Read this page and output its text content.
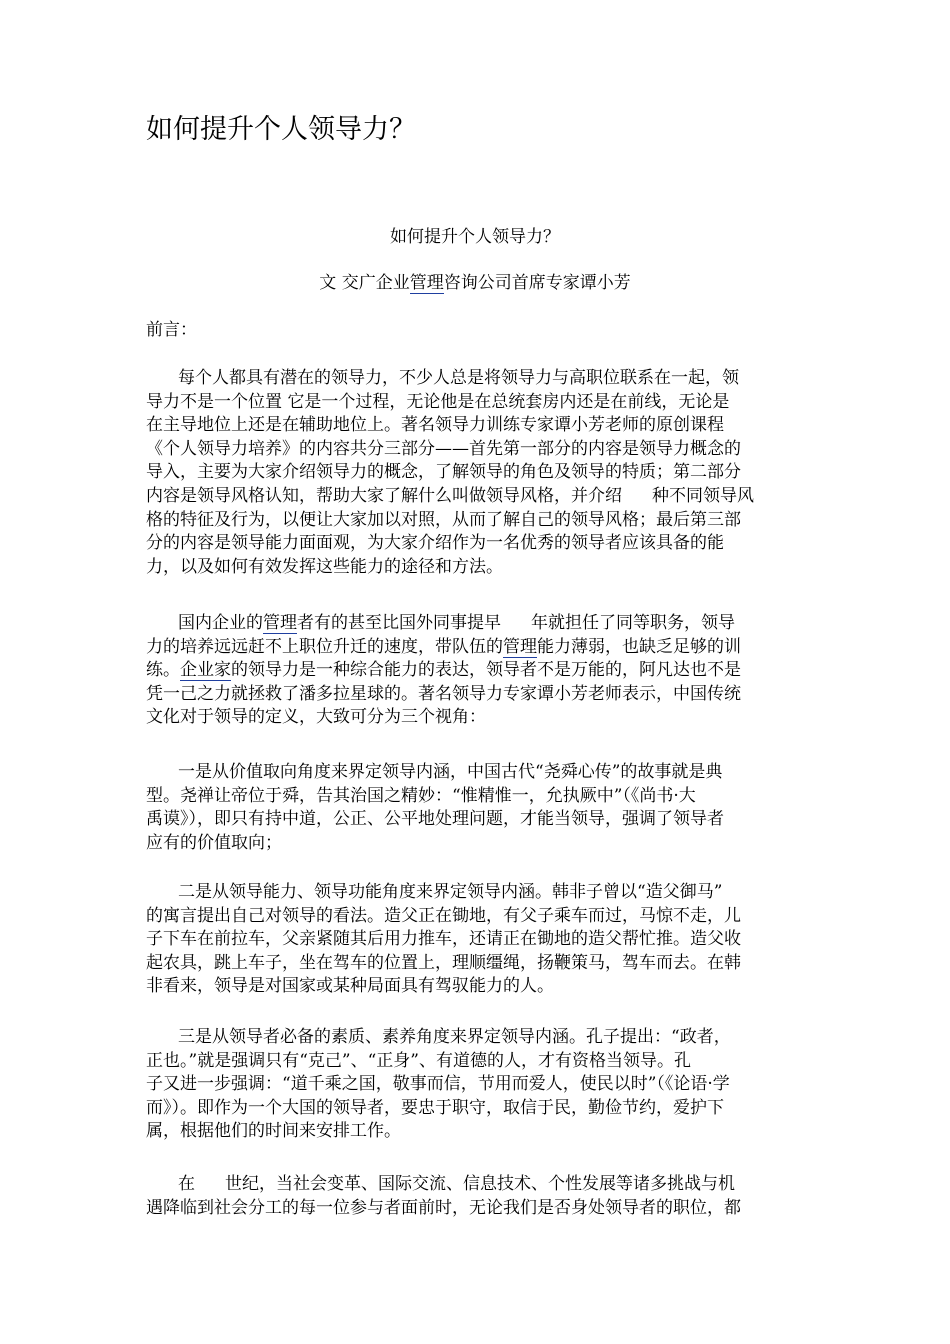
如何提升个人领导力？
如何提升个人领导力？
文 交广企业管理咨询公司首席专家谭小芳
前言：
每个人都具有潜在的领导力，不少人总是将领导力与高职位联系在一起，领
导力不是一个位置 它是一个过程，无论他是在总统套房内还是在前线，无论是
在主导地位上还是在辅助地位上。著名领导力训练专家谭小芳老师的原创课程
《个人领导力培养》的内容共分三部分——首先第一部分的内容是领导力概念的
导入，主要为大家介绍领导力的概念，了解领导的角色及领导的特质；第二部分
内容是领导风格认知，帮助大家了解什么叫做领导风格，并介绍 种不同领导风
格的特征及行为，以便让大家加以对照，从而了解自己的领导风格；最后第三部
分的内容是领导能力面面观，为大家介绍作为一名优秀的领导者应该具备的能
力，以及如何有效发挥这些能力的途径和方法。
国内企业的管理者有的甚至比国外同事提早 年就担任了同等职务，领导
力的培养远远赶不上职位升迁的速度，带队伍的管理能力薄弱，也缺乏足够的训
练。企业家的领导力是一种综合能力的表达，领导者不是万能的，阿凡达也不是
凭一己之力就拯救了潘多拉星球的。著名领导力专家谭小芳老师表示，中国传统
文化对于领导的定义，大致可分为三个视角：
一是从价值取向角度来界定领导内涵，中国古代“尧舜心传”的故事就是典
型。尧禅让帝位于舜，告其治国之精妙：“惟精惟一，允执厥中”（《尚书·大
禹谟》），即只有持中道，公正、公平地处理问题，才能当领导，强调了领导者
应有的价值取向；
二是从领导能力、领导功能角度来界定领导内涵。韩非子曾以“造父御马”
的寓言提出自己对领导的看法。造父正在锄地，有父子乘车而过，马惊不走，儿
子下车在前拉车，父亲紧随其后用力推车，还请正在锄地的造父帮忙推。造父收
起农具，跳上车子，坐在驾车的位置上，理顺缰绳，扬鞭策马，驾车而去。在韩
非看来，领导是对国家或某种局面具有驾驭能力的人。
三是从领导者必备的素质、素养角度来界定领导内涵。孔子提出：“政者，
正也。”就是强调只有“克己”、“正身”、有道德的人，才有资格当领导。孔
子又进一步强调：“道千乘之国，敬事而信，节用而爱人，使民以时”（《论语·学
而》）。即作为一个大国的领导者，要忠于职守，取信于民，勤俭节约，爱护下
属，根据他们的时间来安排工作。
在 世纪，当社会变革、国际交流、信息技术、个性发展等诸多挑战与机
遇降临到社会分工的每一位参与者面前时，无论我们是否身处领导者的职位，都
